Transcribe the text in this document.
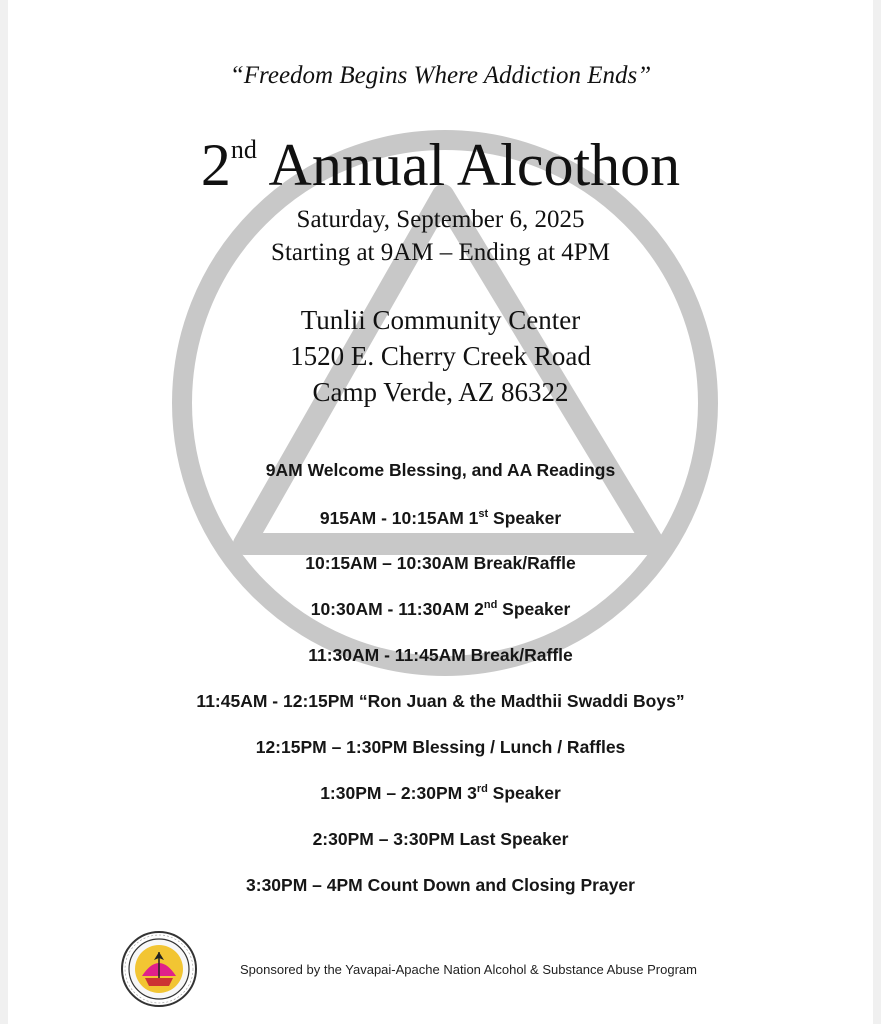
“Freedom Begins Where Addiction Ends”
2nd Annual Alcothon
Saturday, September 6, 2025
Starting at 9AM – Ending at 4PM
Tunlii Community Center
1520 E. Cherry Creek Road
Camp Verde, AZ 86322
9AM Welcome Blessing, and AA Readings
915AM - 10:15AM 1st Speaker
10:15AM – 10:30AM Break/Raffle
10:30AM - 11:30AM 2nd Speaker
11:30AM - 11:45AM Break/Raffle
11:45AM - 12:15PM “Ron Juan & the Madthii Swaddi Boys”
12:15PM – 1:30PM Blessing / Lunch / Raffles
1:30PM – 2:30PM 3rd Speaker
2:30PM – 3:30PM Last Speaker
3:30PM – 4PM Count Down and Closing Prayer
Sponsored by the Yavapai-Apache Nation Alcohol & Substance Abuse Program
